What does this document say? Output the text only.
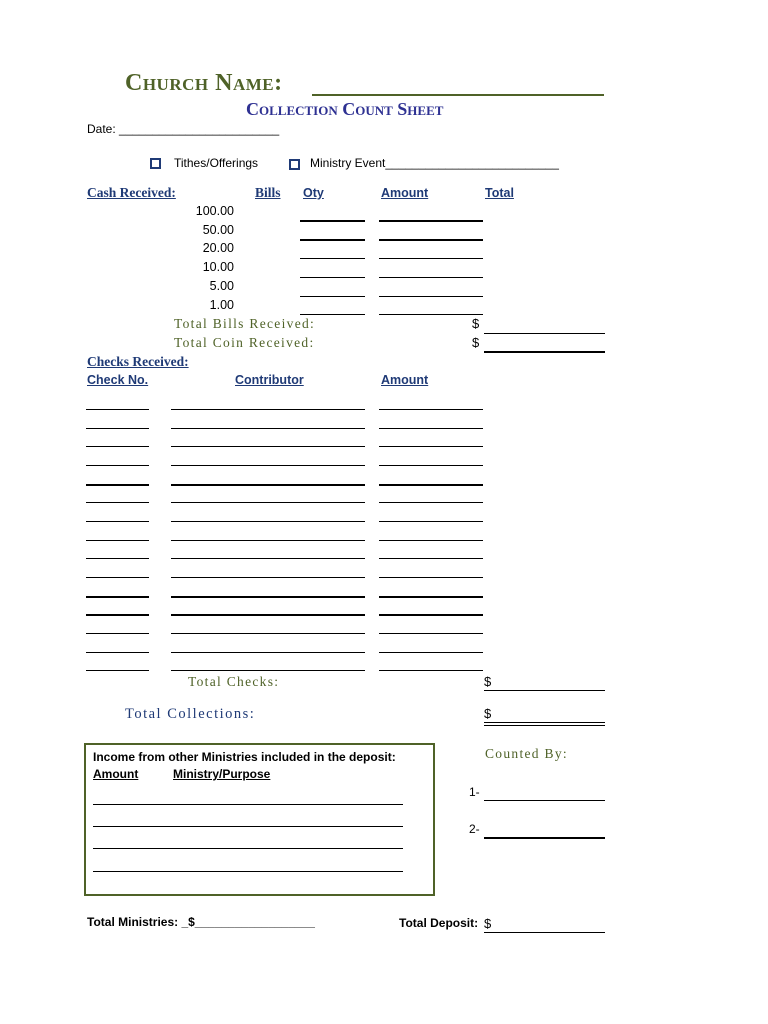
Church Name:
Collection Count Sheet
Date: ________________________
Tithes/Offerings	Ministry Event__________________________
Cash Received:	Bills Oty	Amount	Total
100.00
50.00
20.00
10.00
5.00
1.00
Total Bills Received:	$
Total Coin Received:	$
Checks Received:
Check No.	Contributor	Amount
Total Checks:	$
Total Collections:	$
Income from other Ministries included in the deposit:
Amount	Ministry/Purpose
Counted By:
1-
2-
Total Ministries: _$__________________	Total Deposit: $
